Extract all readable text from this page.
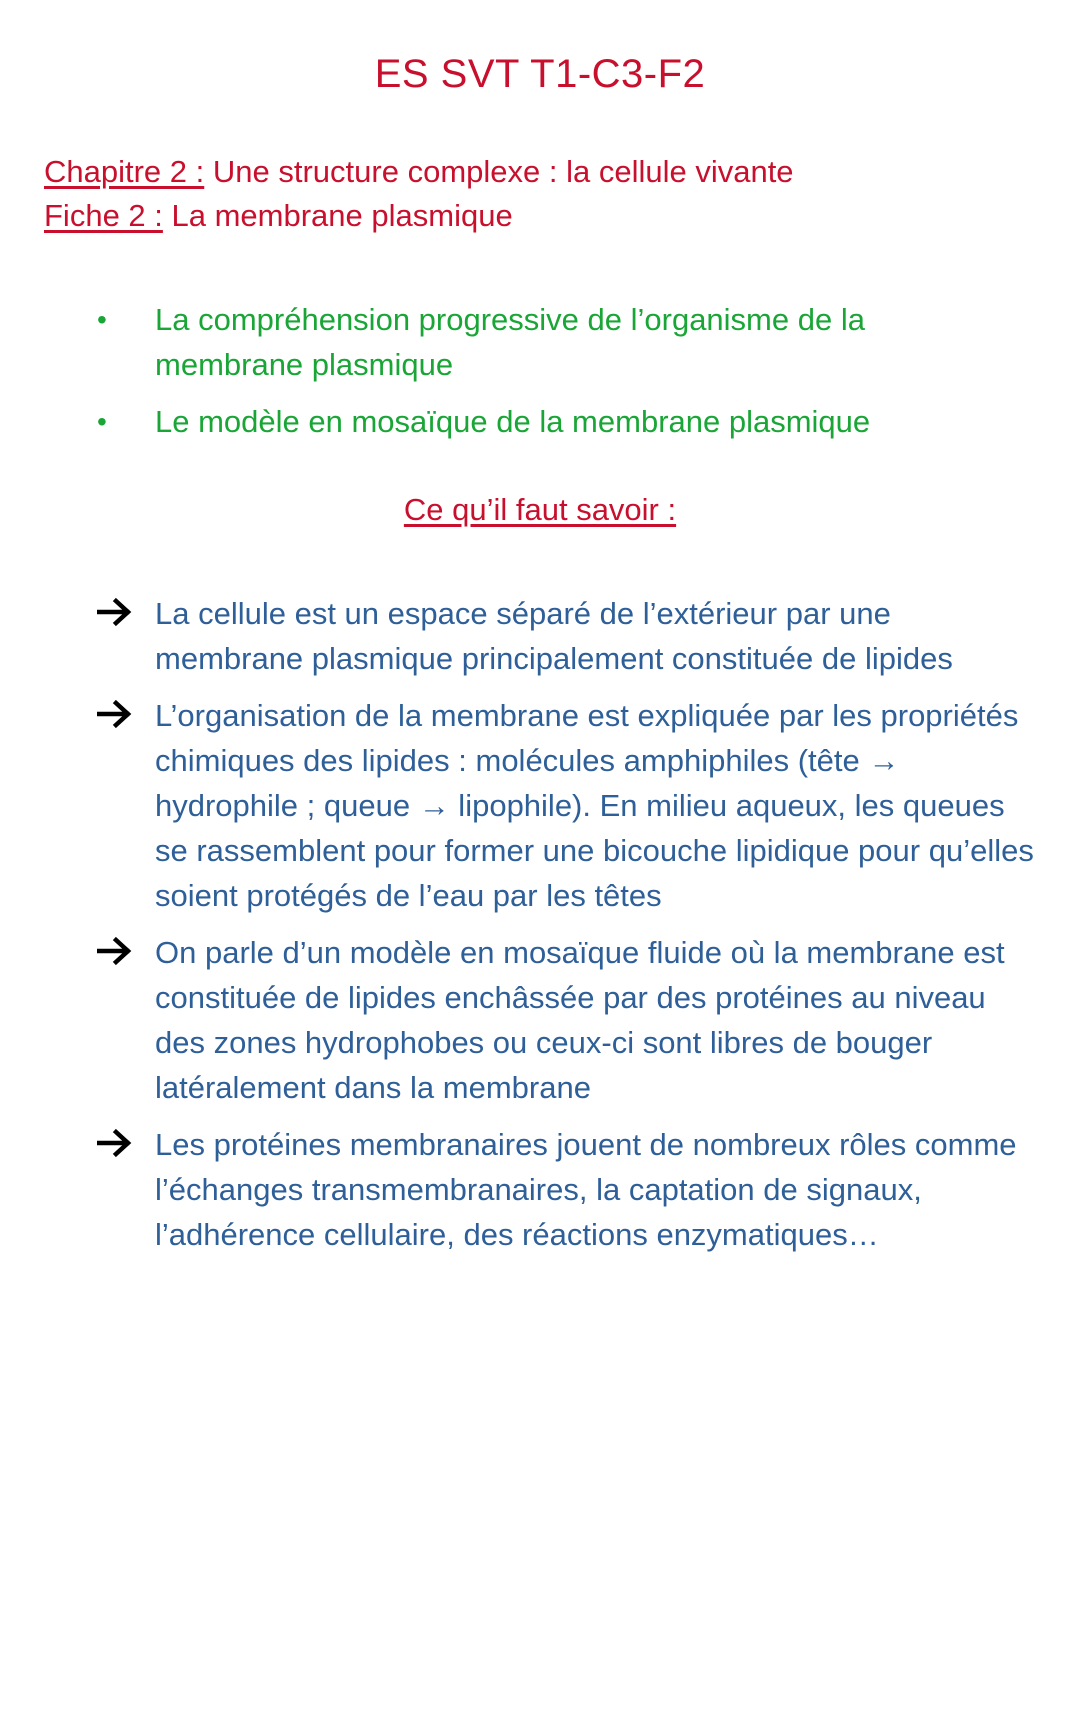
ES SVT T1-C3-F2
Chapitre 2 : Une structure complexe : la cellule vivante
Fiche 2 : La membrane plasmique
• La compréhension progressive de l’organisme de la membrane plasmique
• Le modèle en mosaïque de la membrane plasmique
Ce qu’il faut savoir :
La cellule est un espace séparé de l’extérieur par une membrane plasmique principalement constituée de lipides
L’organisation de la membrane est expliquée par les propriétés chimiques des lipides : molécules amphiphiles (tête → hydrophile ; queue → lipophile). En milieu aqueux, les queues se rassemblent pour former une bicouche lipidique pour qu’elles soient protégés de l’eau par les têtes
On parle d’un modèle en mosaïque fluide où la membrane est constituée de lipides enchâssée par des protéines au niveau des zones hydrophobes ou ceux-ci sont libres de bouger latéralement dans la membrane
Les protéines membranaires jouent de nombreux rôles comme l’échanges transmembranaires, la captation de signaux, l’adhérence cellulaire, des réactions enzymatiques…
